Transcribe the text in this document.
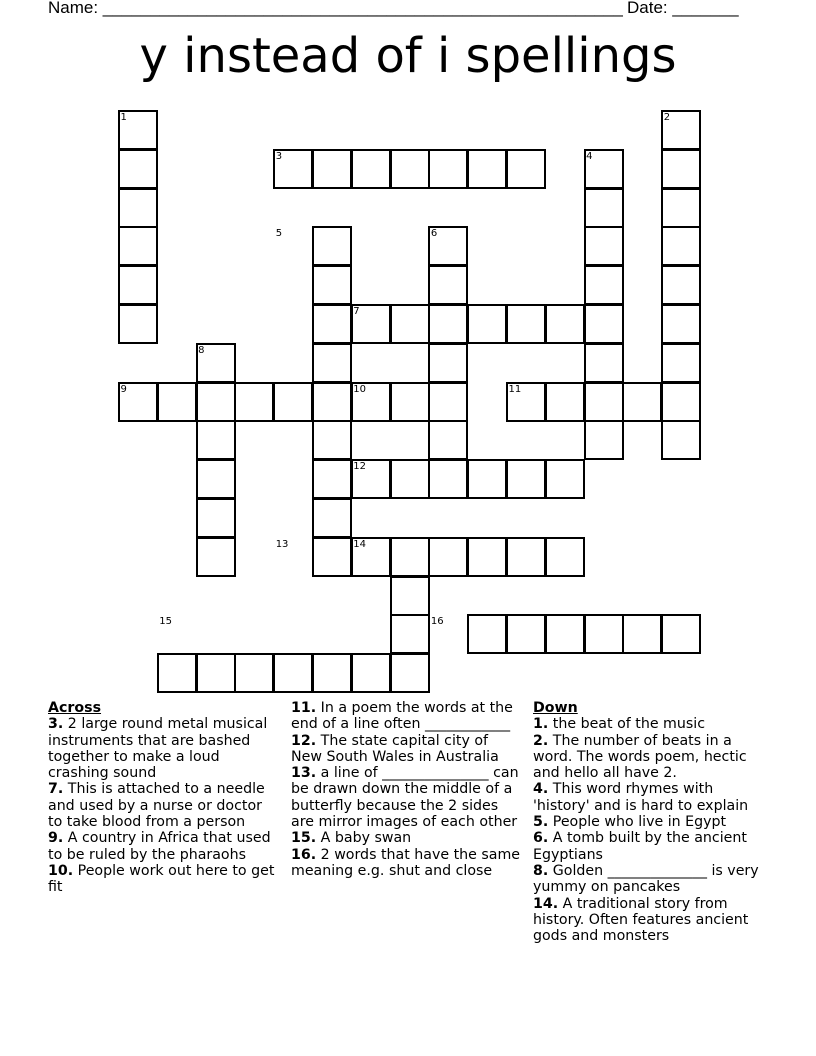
Name: _______________________________________________________ Date: _______
y instead of i spellings
1	2
3	4
5	6
7
8
9	10	11
12
13	14
15	16
Across
3. 2 large round metal musical instruments that are bashed together to make a loud crashing sound
7. This is attached to a needle and used by a nurse or doctor to take blood from a person
9. A country in Africa that used to be ruled by the pharaohs
10. People work out here to get fit
11. In a poem the words at the end of a line often ____________
12. The state capital city of New South Wales in Australia
13. a line of _______________ can be drawn down the middle of a butterfly because the 2 sides are mirror images of each other
15. A baby swan
16. 2 words that have the same meaning e.g. shut and close
Down
1. the beat of the music
2. The number of beats in a word. The words poem, hectic and hello all have 2.
4. This word rhymes with 'history' and is hard to explain
5. People who live in Egypt
6. A tomb built by the ancient Egyptians
8. Golden ______________ is very yummy on pancakes
14. A traditional story from history. Often features ancient gods and monsters
